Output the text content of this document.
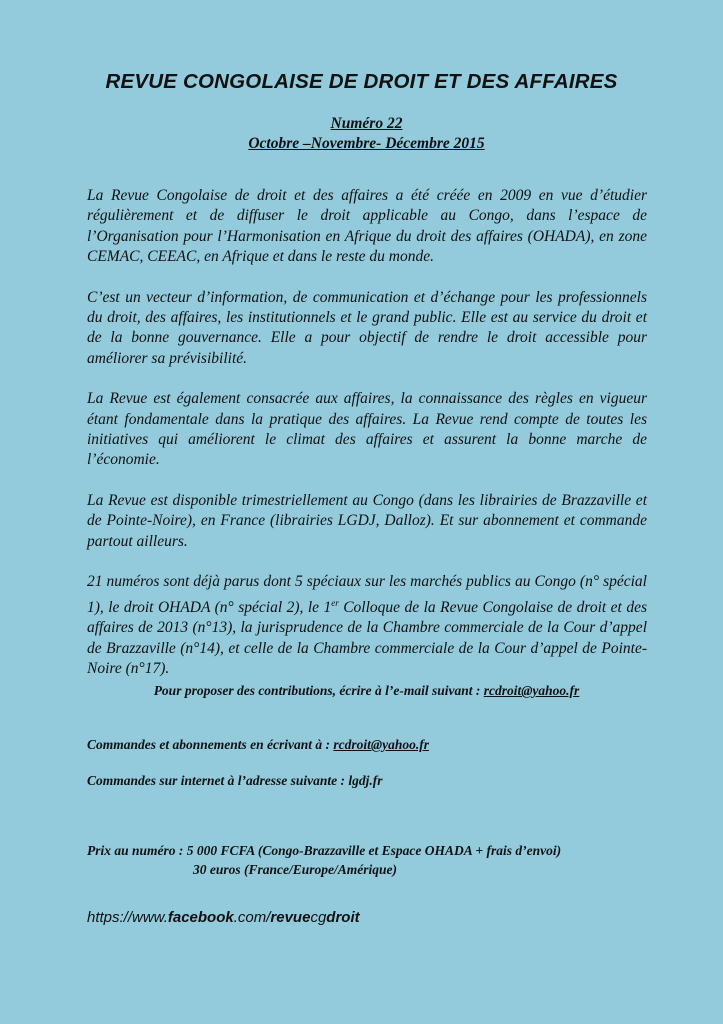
REVUE CONGOLAISE DE DROIT ET DES AFFAIRES
Numéro 22
Octobre –Novembre- Décembre 2015

La Revue Congolaise de droit et des affaires a été créée en 2009 en vue d’étudier régulièrement et de diffuser le droit applicable au Congo, dans l’espace de l’Organisation pour l’Harmonisation en Afrique du droit des affaires (OHADA), en zone CEMAC, CEEAC, en Afrique et dans le reste du monde.

C’est un vecteur d’information, de communication et d’échange pour les professionnels du droit, des affaires, les institutionnels et le grand public. Elle est au service du droit et de la bonne gouvernance. Elle a pour objectif de rendre le droit accessible pour améliorer sa prévisibilité.

La Revue est également consacrée aux affaires, la connaissance des règles en vigueur étant fondamentale dans la pratique des affaires. La Revue rend compte de toutes les initiatives qui améliorent le climat des affaires et assurent la bonne marche de l’économie.

La Revue est disponible trimestriellement au Congo (dans les librairies de Brazzaville et de Pointe-Noire), en France (librairies LGDJ, Dalloz). Et sur abonnement et commande partout ailleurs.

21 numéros sont déjà parus dont 5 spéciaux sur les marchés publics au Congo (n° spécial 1), le droit OHADA (n° spécial 2), le 1er Colloque de la Revue Congolaise de droit et des affaires de 2013 (n°13), la jurisprudence de la Chambre commerciale de la Cour d’appel de Brazzaville (n°14), et celle de la Chambre commerciale de la Cour d’appel de Pointe-Noire (n°17).

Pour proposer des contributions, écrire à l’e-mail suivant : rcdroit@yahoo.fr
Commandes et abonnements en écrivant à : rcdroit@yahoo.fr
Commandes sur internet à l’adresse suivante : lgdj.fr
Prix au numéro : 5 000 FCFA (Congo-Brazzaville et Espace OHADA + frais d’envoi)
30 euros (France/Europe/Amérique)
https://www.facebook.com/revuecgdroit
